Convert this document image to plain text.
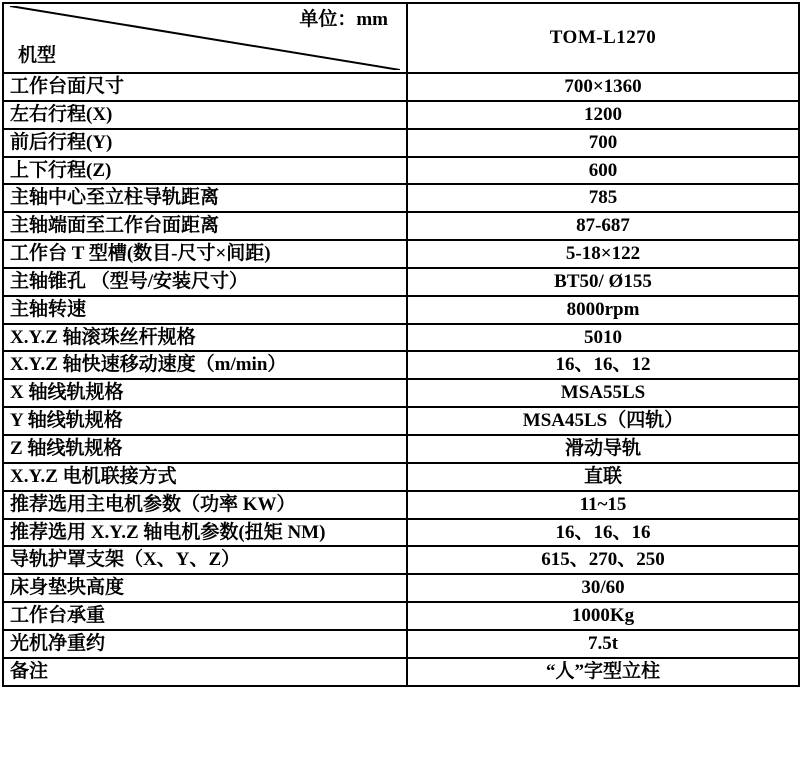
单位：mm
机型	TOM-L1270
工作台面尺寸	700×1360
左右行程(X)	1200
前后行程(Y)	700
上下行程(Z)	600
主轴中心至立柱导轨距离	785
主轴端面至工作台面距离	87-687
工作台 T 型槽(数目-尺寸×间距)	5-18×122
主轴锥孔 （型号/安装尺寸）	BT50/ Ø155
主轴转速	8000rpm
X.Y.Z 轴滚珠丝杆规格	5010
X.Y.Z 轴快速移动速度（m/min）	16、16、12
X 轴线轨规格	MSA55LS
Y 轴线轨规格	MSA45LS（四轨）
Z 轴线轨规格	滑动导轨
X.Y.Z 电机联接方式	直联
推荐选用主电机参数（功率 KW）	11~15
推荐选用 X.Y.Z 轴电机参数(扭矩 NM)	16、16、16
导轨护罩支架（X、Y、Z）	615、270、250
床身垫块高度	30/60
工作台承重	1000Kg
光机净重约	7.5t
备注	“人”字型立柱
